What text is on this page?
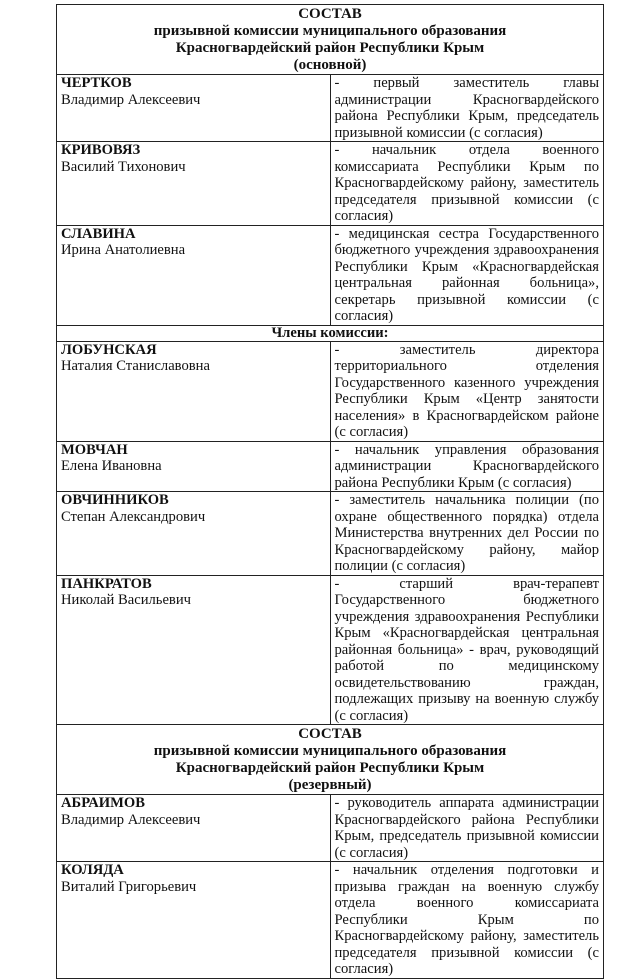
СОСТАВ
призывной комиссии муниципального образования
Красногвардейский район Республики Крым
(основной)	

ЧЕРТКОВ
Владимир Алексеевич	- первый заместитель главы администрации Красногвардейского района Республики Крым, председатель призывной комиссии (с согласия)

КРИВОВЯЗ
Василий Тихонович	- начальник отдела военного комиссариата Республики Крым по Красногвардейскому району, заместитель председателя призывной комиссии (с согласия)

СЛАВИНА
Ирина Анатолиевна	- медицинская сестра Государственного бюджетного учреждения здравоохранения Республики Крым «Красногвардейская центральная районная больница», секретарь призывной комиссии (с согласия)
Члены комиссии:	

ЛОБУНСКАЯ
Наталия Станиславовна	- заместитель директора территориального отделения Государственного казенного учреждения Республики Крым «Центр занятости населения» в Красногвардейском районе (с согласия)

МОВЧАН
Елена Ивановна	- начальник управления образования администрации Красногвардейского района Республики Крым (с согласия)

ОВЧИННИКОВ
Степан Александрович	- заместитель начальника полиции (по охране общественного порядка) отдела Министерства внутренних дел России по Красногвардейскому району, майор полиции (с согласия)

ПАНКРАТОВ
Николай Васильевич	- старший врач-терапевт Государственного бюджетного учреждения здравоохранения Республики Крым «Красногвардейская центральная районная больница» - врач, руководящий работой по медицинскому освидетельствованию граждан, подлежащих призыву на военную службу (с согласия)

СОСТАВ
призывной комиссии муниципального образования
Красногвардейский район Республики Крым
(резервный)	

АБРАИМОВ
Владимир Алексеевич	- руководитель аппарата администрации Красногвардейского района Республики Крым, председатель призывной комиссии (с согласия)

КОЛЯДА
Виталий Григорьевич	- начальник отделения подготовки и призыва граждан на военную службу отдела военного комиссариата Республики Крым по Красногвардейскому району, заместитель председателя призывной комиссии (с согласия)
